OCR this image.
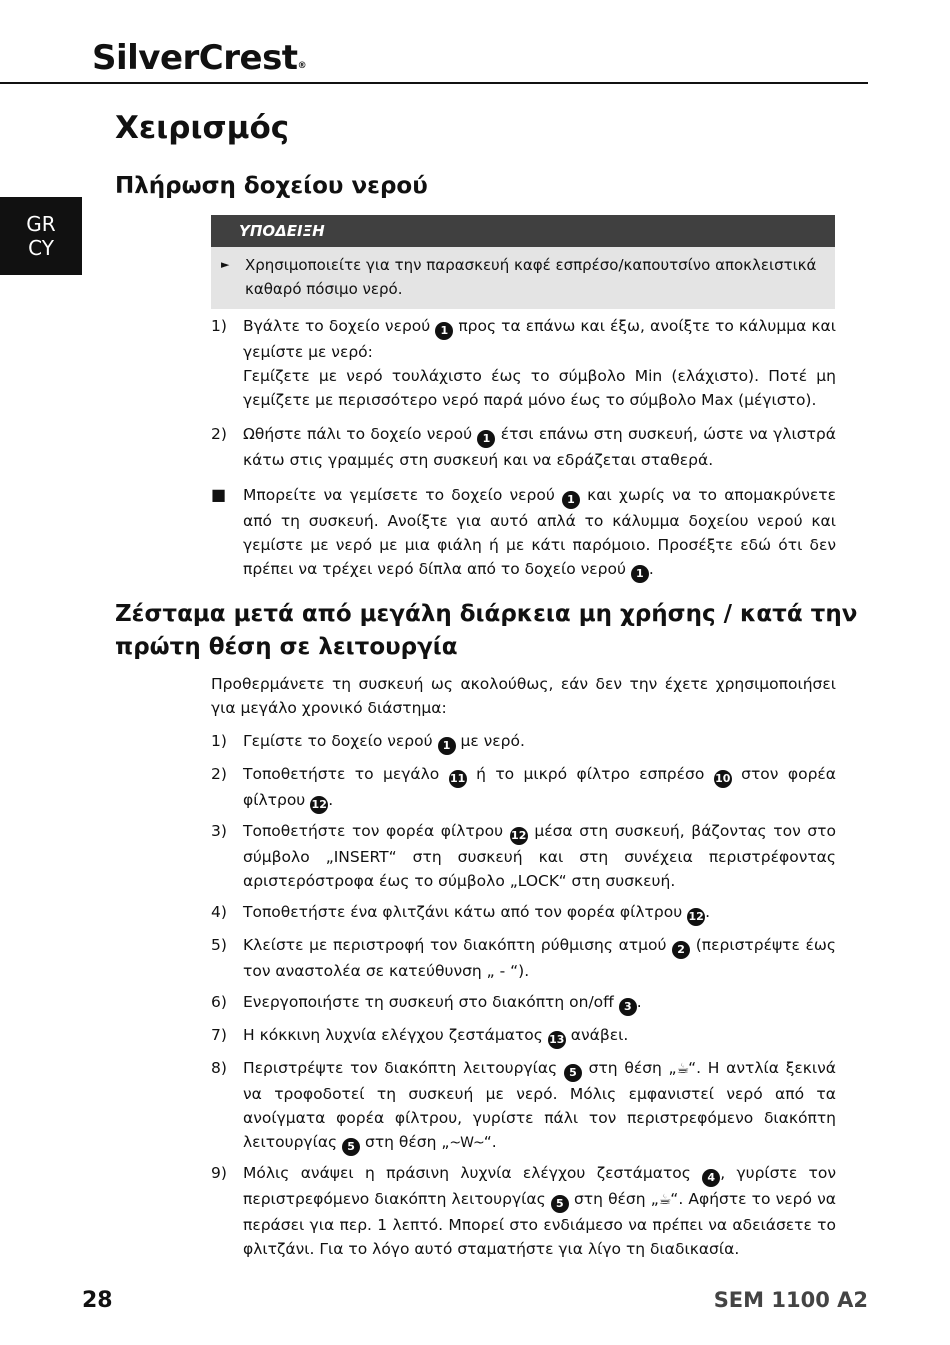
SilverCrest®
GR
CY
Χειρισμός
Πλήρωση δοχείου νερού
ΥΠΟΔΕΙΞΗ
►	Χρησιμοποιείτε για την παρασκευή καφέ εσπρέσο/καπουτσίνο αποκλειστικά καθαρό πόσιμο νερό.
1)	Βγάλτε το δοχείο νερού 1 προς τα επάνω και έξω, ανοίξτε το κάλυμμα και γεμίστε με νερό:
Γεμίζετε με νερό τουλάχιστο έως το σύμβολο Min (ελάχιστο). Ποτέ μη γεμίζετε με περισσότερο νερό παρά μόνο έως το σύμβολο Max (μέγιστο).
2)	Ωθήστε πάλι το δοχείο νερού 1 έτσι επάνω στη συσκευή, ώστε να γλιστρά κάτω στις γραμμές στη συσκευή και να εδράζεται σταθερά.
■	Μπορείτε να γεμίσετε το δοχείο νερού 1 και χωρίς να το απομακρύνετε από τη συσκευή. Ανοίξτε για αυτό απλά το κάλυμμα δοχείου νερού και γεμίστε με νερό με μια φιάλη ή με κάτι παρόμοιο. Προσέξτε εδώ ότι δεν πρέπει να τρέχει νερό δίπλα από το δοχείο νερού 1 .
Ζέσταμα μετά από μεγάλη διάρκεια μη χρήσης / κατά την
πρώτη θέση σε λειτουργία
Προθερμάνετε τη συσκευή ως ακολούθως, εάν δεν την έχετε χρησιμοποιήσει για μεγάλο χρονικό διάστημα:
1)	Γεμίστε το δοχείο νερού 1 με νερό.
2)	Τοποθετήστε το μεγάλο 11 ή το μικρό φίλτρο εσπρέσο 10 στον φορέα φίλτρου 12.
3)	Τοποθετήστε τον φορέα φίλτρου 12 μέσα στη συσκευή, βάζοντας τον στο σύμβολο „INSERT“ στη συσκευή και στη συνέχεια περιστρέφοντας αριστερόστροφα έως το σύμβολο „LOCK“ στη συσκευή.
4)	Τοποθετήστε ένα φλιτζάνι κάτω από τον φορέα φίλτρου 12.
5)	Κλείστε με περιστροφή τον διακόπτη ρύθμισης ατμού 2 (περιστρέψτε έως τον αναστολέα σε κατεύθυνση „ - “).
6)	Ενεργοποιήστε τη συσκευή στο διακόπτη on/off 3 .
7)	Η κόκκινη λυχνία ελέγχου ζεστάματος 13 ανάβει.
8)	Περιστρέψτε τον διακόπτη λειτουργίας 5 στη θέση „☕“. Η αντλία ξεκινά να τροφοδοτεί τη συσκευή με νερό. Μόλις εμφανιστεί νερό από τα ανοίγματα φορέα φίλτρου, γυρίστε πάλι τον περιστρεφόμενο διακόπτη λειτουργίας 5 στη θέση „~W~“.
9)	Μόλις ανάψει η πράσινη λυχνία ελέγχου ζεστάματος 4 , γυρίστε τον περιστρεφόμενο διακόπτη λειτουργίας 5 στη θέση „☕“. Αφήστε το νερό να περάσει για περ. 1 λεπτό. Μπορεί στο ενδιάμεσο να πρέπει να αδειάσετε το φλιτζάνι. Για το λόγο αυτό σταματήστε για λίγο τη διαδικασία.
28	SEM 1100 A2
